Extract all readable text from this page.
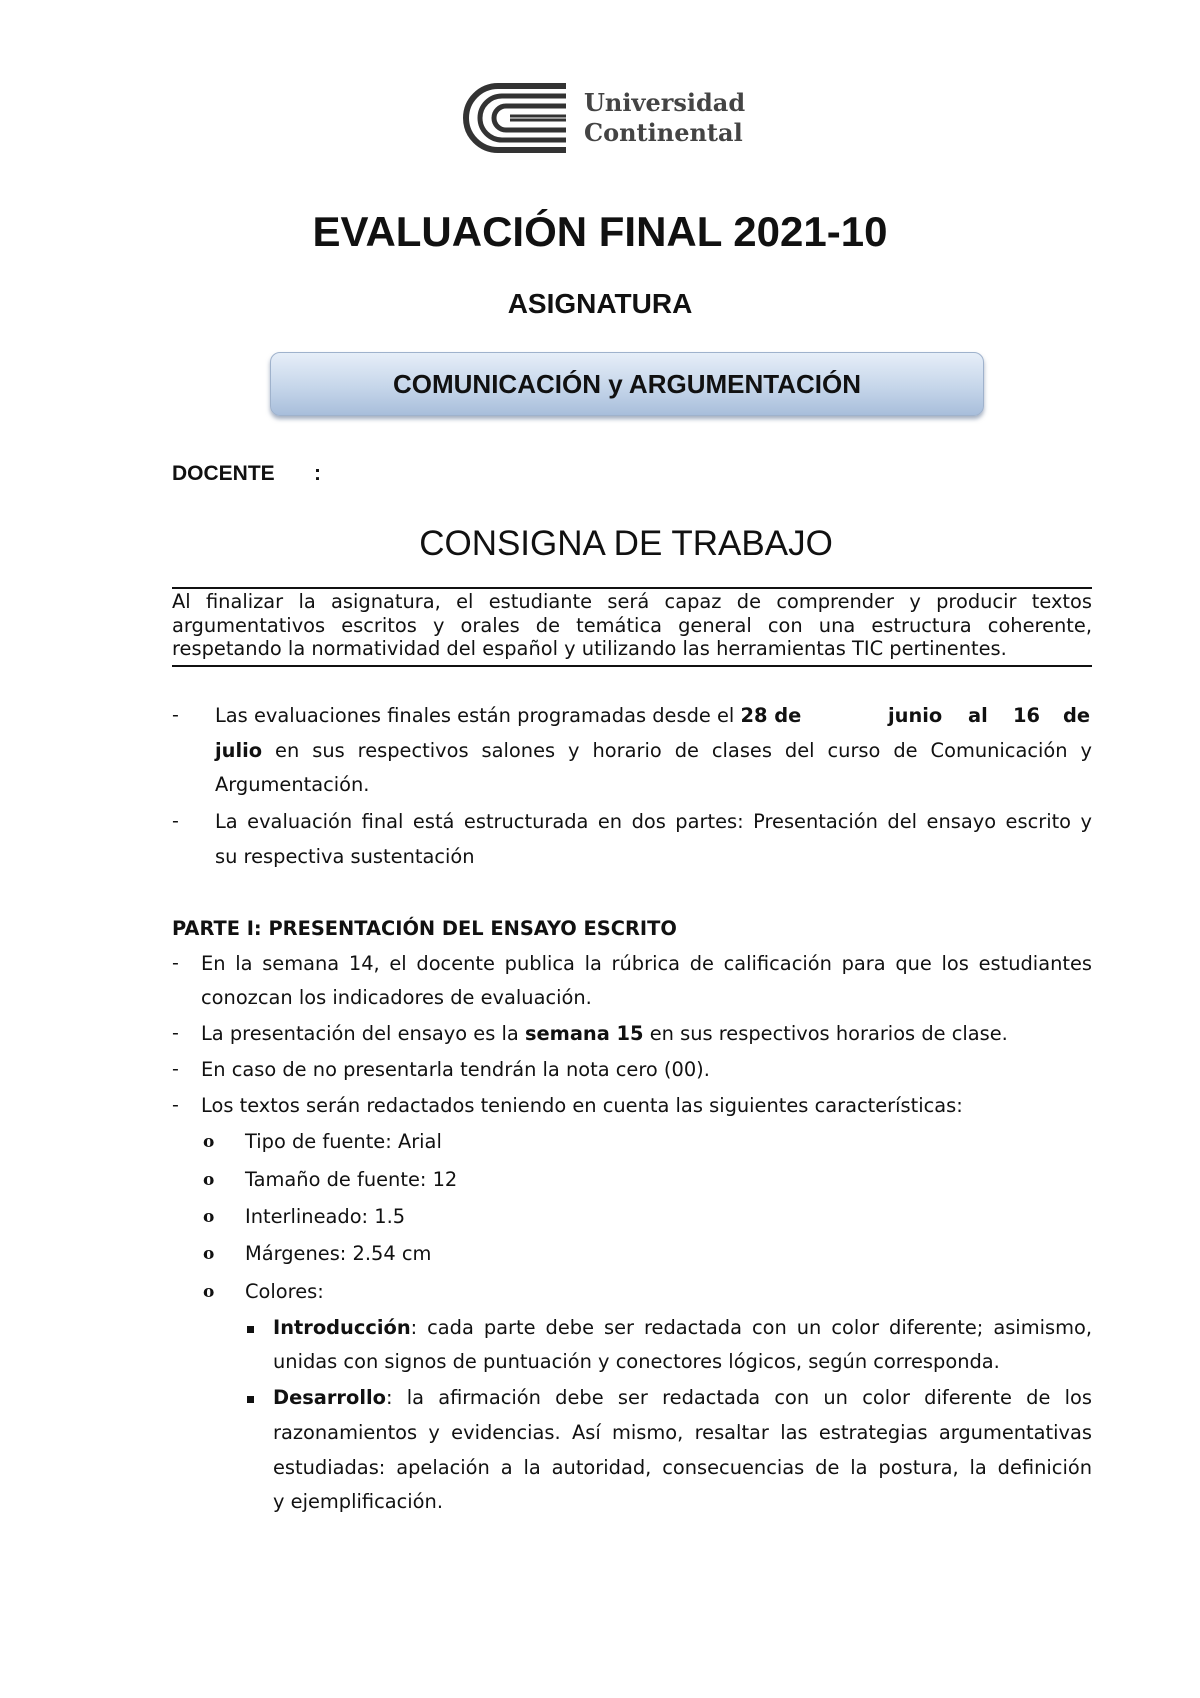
Universidad
Continental
EVALUACIÓN FINAL 2021-10
ASIGNATURA
COMUNICACIÓN y ARGUMENTACIÓN
DOCENTE :
CONSIGNA DE TRABAJO
Al finalizar la asignatura, el estudiante será capaz de comprender y producir textos argumentativos escritos y orales de temática general con una estructura coherente, respetando la normatividad del español y utilizando las herramientas TIC pertinentes.
- Las evaluaciones finales están programadas desde el 28 de	junio al 16 de
julio en sus respectivos salones y horario de clases del curso de Comunicación y
Argumentación.
- La evaluación final está estructurada en dos partes: Presentación del ensayo escrito y
su respectiva sustentación
PARTE I: PRESENTACIÓN DEL ENSAYO ESCRITO
- En la semana 14, el docente publica la rúbrica de calificación para que los estudiantes
conozcan los indicadores de evaluación.
- La presentación del ensayo es la semana 15 en sus respectivos horarios de clase.
- En caso de no presentarla tendrán la nota cero (00).
- Los textos serán redactados teniendo en cuenta las siguientes características:
o Tipo de fuente: Arial
o Tamaño de fuente: 12
o Interlineado: 1.5
o Márgenes: 2.54 cm
o Colores:
Introducción: cada parte debe ser redactada con un color diferente; asimismo,
unidas con signos de puntuación y conectores lógicos, según corresponda.
Desarrollo: la afirmación debe ser redactada con un color diferente de los
razonamientos y evidencias. Así mismo, resaltar las estrategias argumentativas
estudiadas: apelación a la autoridad, consecuencias de la postura, la definición
y ejemplificación.
